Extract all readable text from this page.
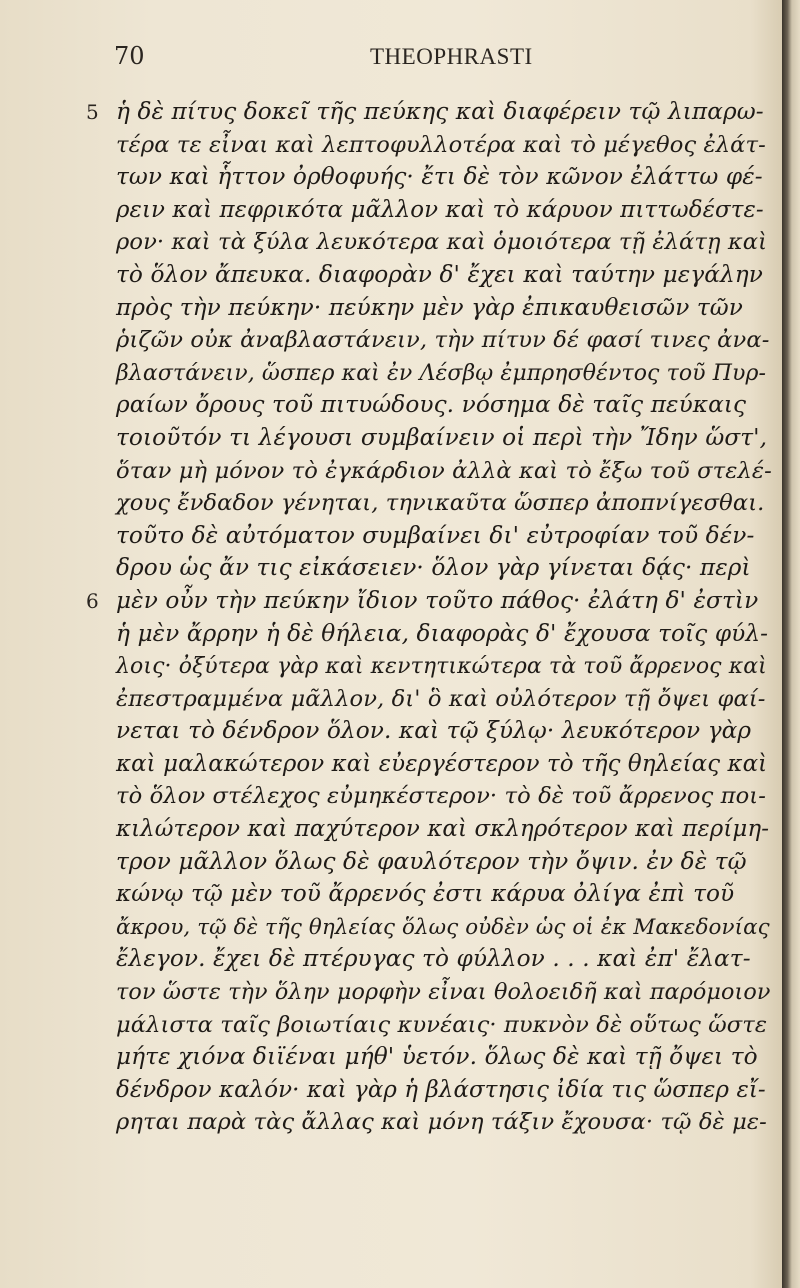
70	THEOPHRASTI
5 ἡ δὲ πίτυς δοκεῖ τῆς πεύκης καὶ διαφέρειν τῷ λιπαρω-
τέρα τε εἶναι καὶ λεπτοφυλλοτέρα καὶ τὸ μέγεθος ἐλάτ-
των καὶ ἧττον ὀρθοφυής· ἔτι δὲ τὸν κῶνον ἐλάττω φέ-
ρειν καὶ πεφρικότα μᾶλλον καὶ τὸ κάρυον πιττωδέστε-
ρον· καὶ τὰ ξύλα λευκότερα καὶ ὁμοιότερα τῇ ἐλάτῃ καὶ
τὸ ὅλον ἄπευκα. διαφορὰν δ' ἔχει καὶ ταύτην μεγάλην
πρὸς τὴν πεύκην· πεύκην μὲν γὰρ ἐπικαυθεισῶν τῶν
ῥιζῶν οὐκ ἀναβλαστάνειν, τὴν πίτυν δέ φασί τινες ἀνα-
βλαστάνειν, ὥσπερ καὶ ἐν Λέσβῳ ἐμπρησθέντος τοῦ Πυρ-
ραίων ὄρους τοῦ πιτυώδους. νόσημα δὲ ταῖς πεύκαις
τοιοῦτόν τι λέγουσι συμβαίνειν οἱ περὶ τὴν Ἴδην ὥστ',
ὅταν μὴ μόνον τὸ ἐγκάρδιον ἀλλὰ καὶ τὸ ἔξω τοῦ στελέ-
χους ἔνδαδον γένηται, τηνικαῦτα ὥσπερ ἀποπνίγεσθαι.
τοῦτο δὲ αὐτόματον συμβαίνει δι' εὐτροφίαν τοῦ δέν-
δρου ὡς ἄν τις εἰκάσειεν· ὅλον γὰρ γίνεται δᾴς· περὶ
6 μὲν οὖν τὴν πεύκην ἴδιον τοῦτο πάθος· ἐλάτη δ' ἐστὶν
ἡ μὲν ἄρρην ἡ δὲ θήλεια, διαφορὰς δ' ἔχουσα τοῖς φύλ-
λοις· ὀξύτερα γὰρ καὶ κεντητικώτερα τὰ τοῦ ἄρρενος καὶ
ἐπεστραμμένα μᾶλλον, δι' ὃ καὶ οὐλότερον τῇ ὄψει φαί-
νεται τὸ δένδρον ὅλον. καὶ τῷ ξύλῳ· λευκότερον γὰρ
καὶ μαλακώτερον καὶ εὐεργέστερον τὸ τῆς θηλείας καὶ
τὸ ὅλον στέλεχος εὐμηκέστερον· τὸ δὲ τοῦ ἄρρενος ποι-
κιλώτερον καὶ παχύτερον καὶ σκληρότερον καὶ περίμη-
τρον μᾶλλον ὅλως δὲ φαυλότερον τὴν ὄψιν. ἐν δὲ τῷ
κώνῳ τῷ μὲν τοῦ ἄρρενός ἐστι κάρυα ὀλίγα ἐπὶ τοῦ
ἄκρου, τῷ δὲ τῆς θηλείας ὅλως οὐδὲν ὡς οἱ ἐκ Μακεδονίας
ἔλεγον. ἔχει δὲ πτέρυγας τὸ φύλλον . . . καὶ ἐπ' ἔλατ-
τον ὥστε τὴν ὅλην μορφὴν εἶναι θολοειδῆ καὶ παρόμοιον
μάλιστα ταῖς βοιωτίαις κυνέαις· πυκνὸν δὲ οὕτως ὥστε
μήτε χιόνα διϊέναι μήθ' ὑετόν. ὅλως δὲ καὶ τῇ ὄψει τὸ
δένδρον καλόν· καὶ γὰρ ἡ βλάστησις ἰδία τις ὥσπερ εἴ-
ρηται παρὰ τὰς ἄλλας καὶ μόνη τάξιν ἔχουσα· τῷ δὲ με-
